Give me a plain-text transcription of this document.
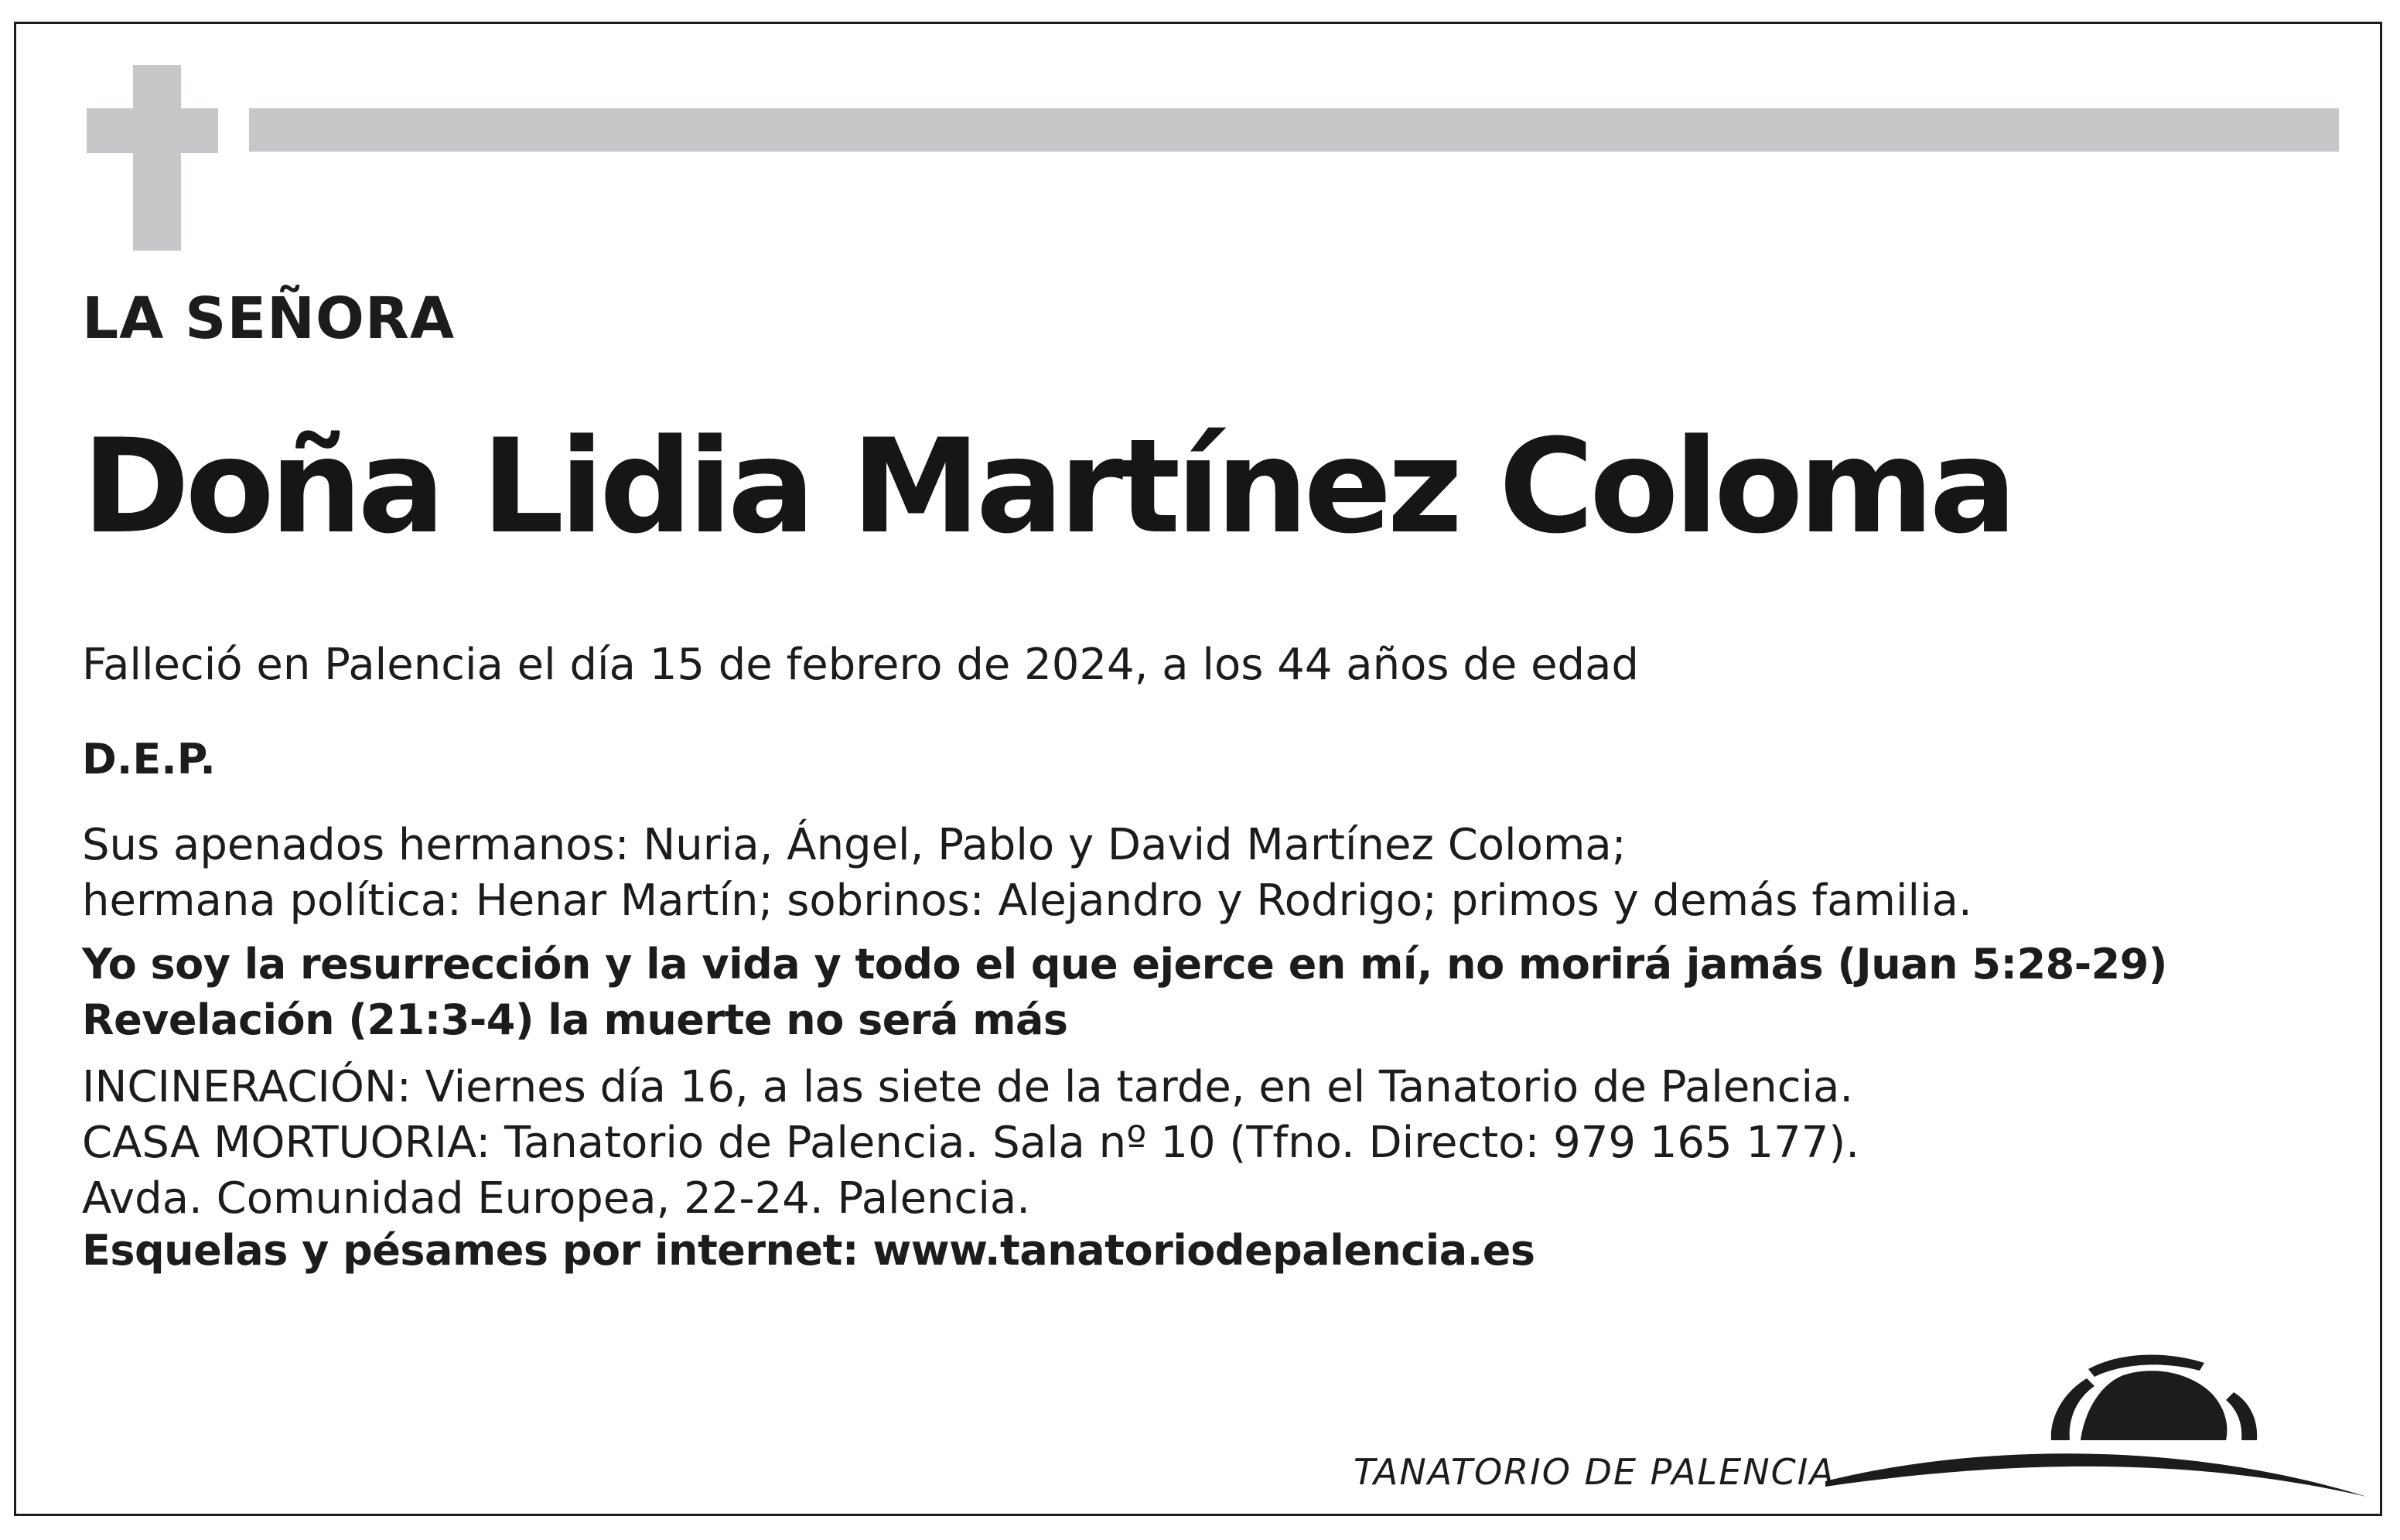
LA SEÑORA
Doña Lidia Martínez Coloma
Falleció en Palencia el día 15 de febrero de 2024, a los 44 años de edad
D.E.P.
Sus apenados hermanos: Nuria, Ángel, Pablo y David Martínez Coloma;
hermana política: Henar Martín; sobrinos: Alejandro y Rodrigo; primos y demás familia.
Yo soy la resurrección y la vida y todo el que ejerce en mí, no morirá jamás (Juan 5:28-29)
Revelación (21:3-4) la muerte no será más
INCINERACIÓN: Viernes día 16, a las siete de la tarde, en el Tanatorio de Palencia.
CASA MORTUORIA: Tanatorio de Palencia. Sala nº 10 (Tfno. Directo: 979 165 177).
Avda. Comunidad Europea, 22-24. Palencia.
Esquelas y pésames por internet: www.tanatoriodepalencia.es
TANATORIO DE PALENCIA
